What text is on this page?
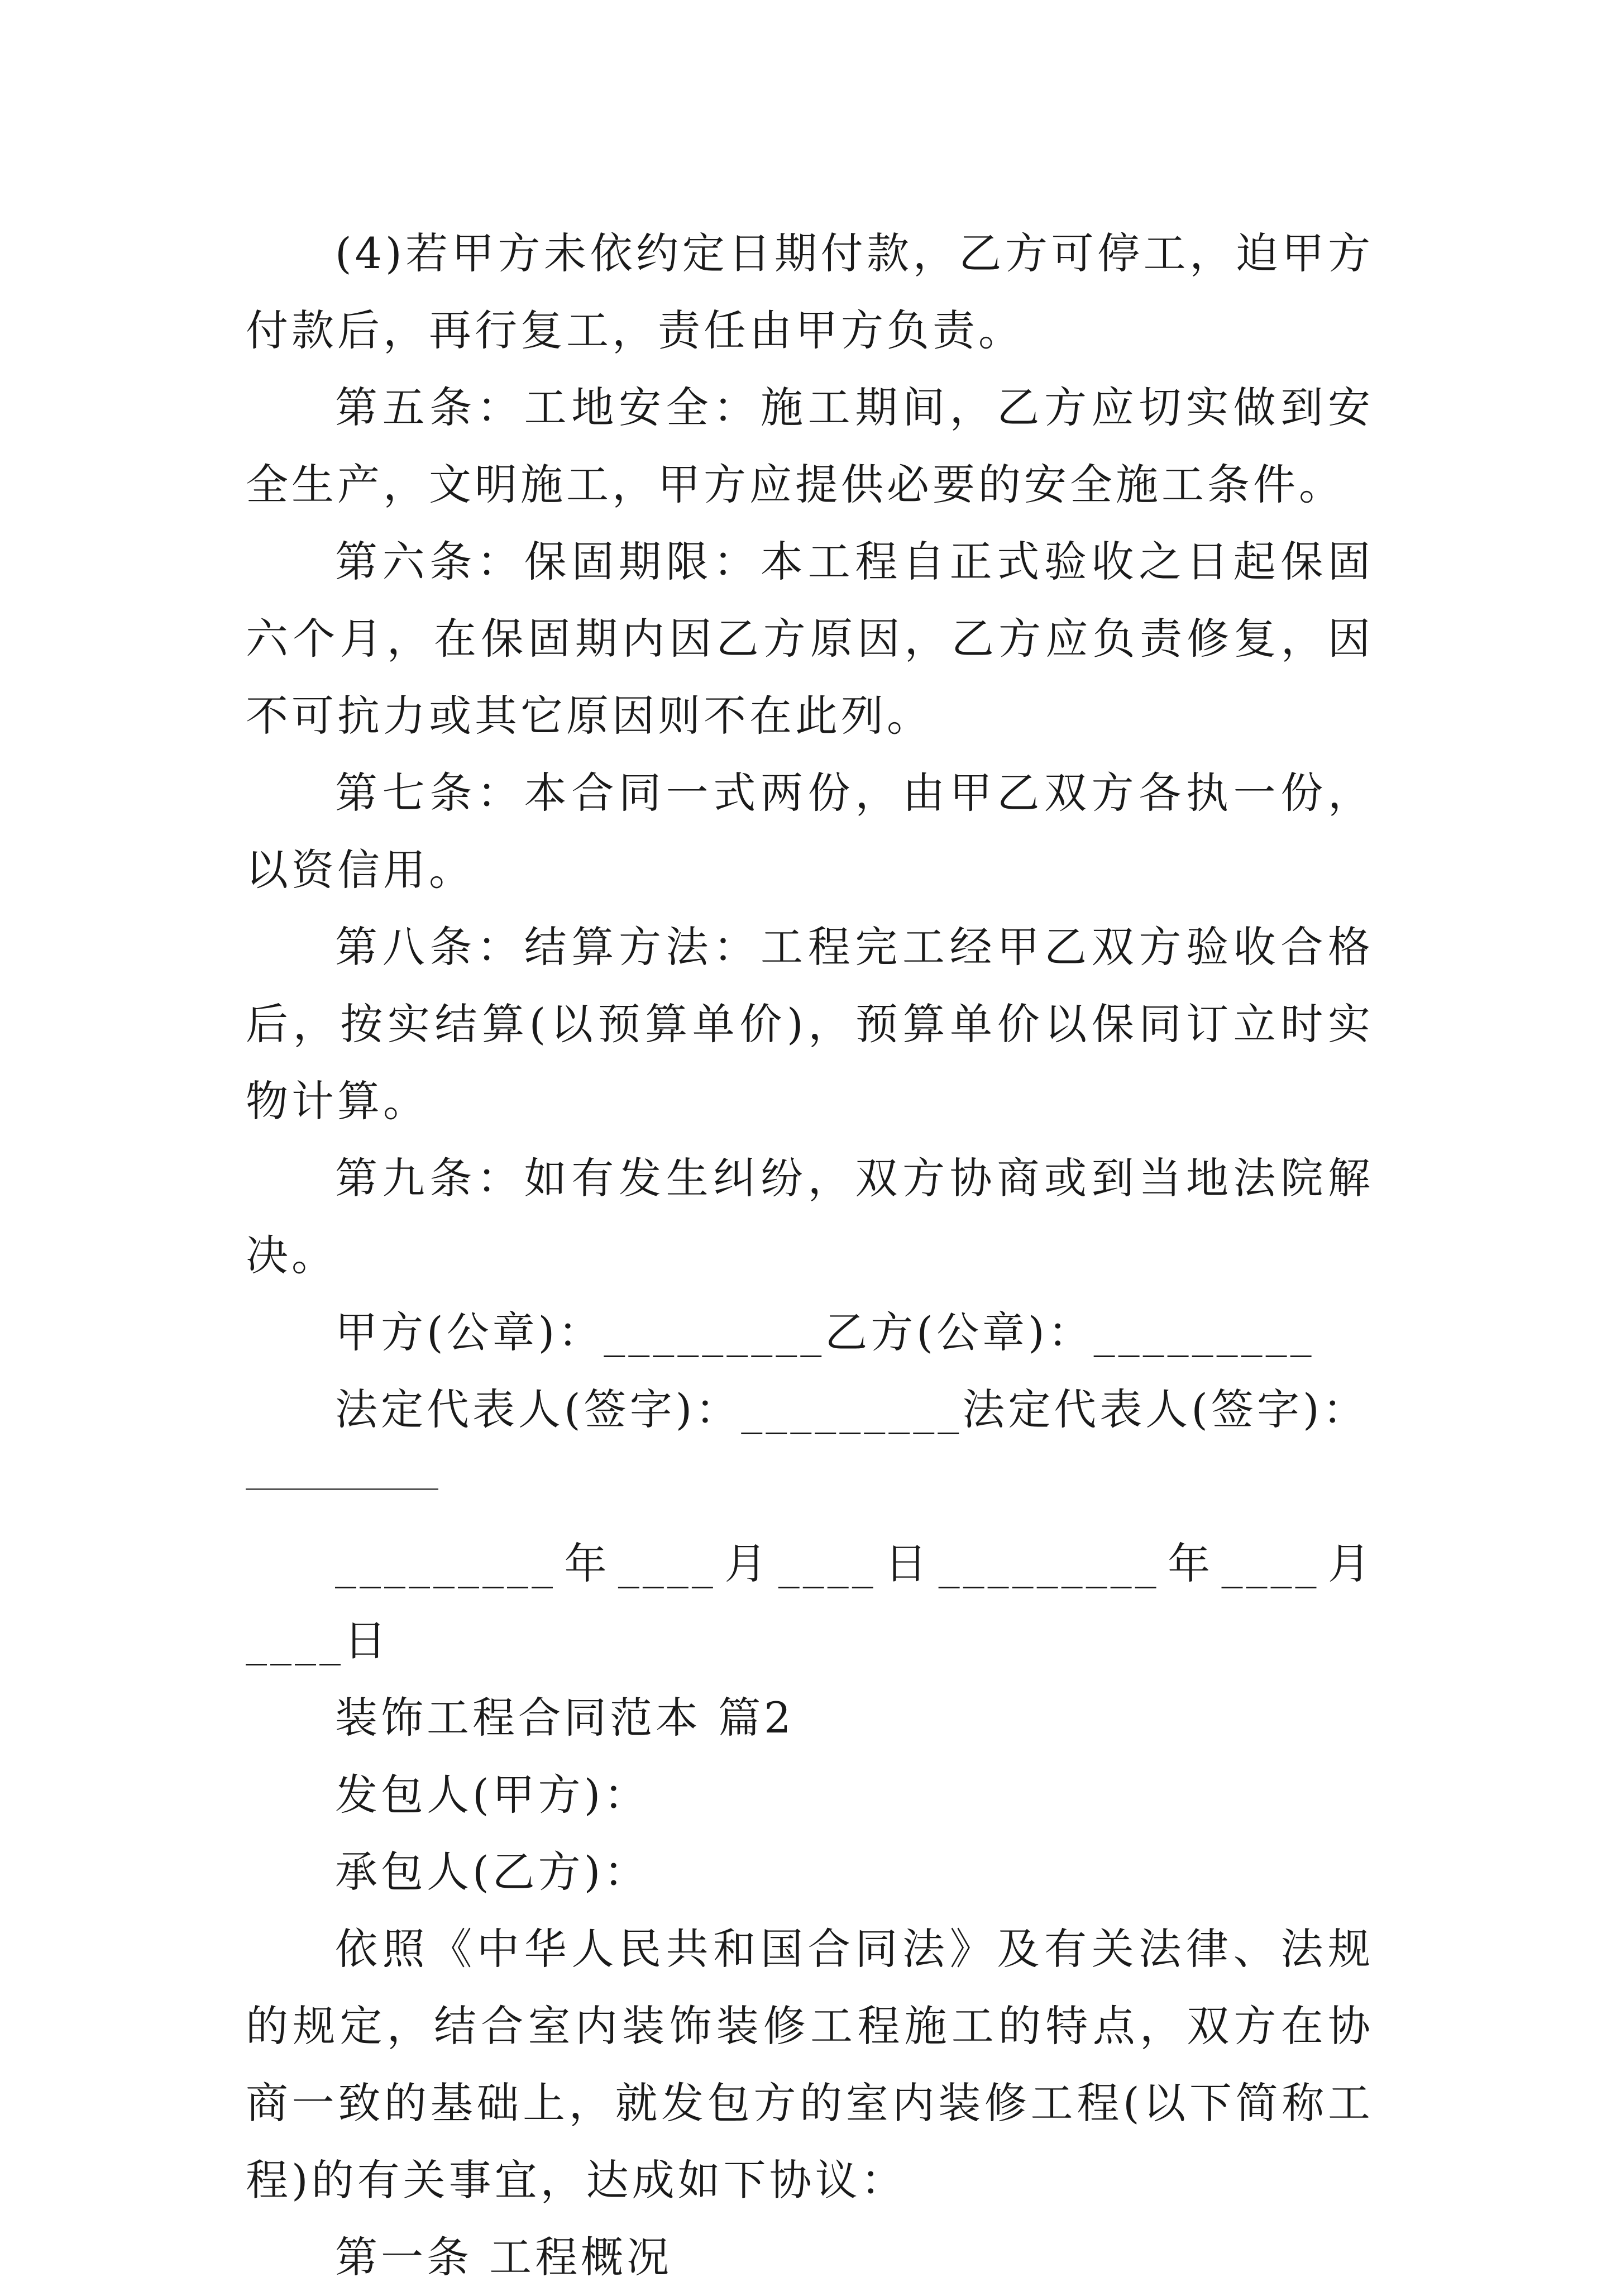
(4)若甲方未依约定日期付款，乙方可停工，迫甲方付款后，再行复工，责任由甲方负责。

第五条：工地安全：施工期间，乙方应切实做到安全生产，文明施工，甲方应提供必要的安全施工条件。

第六条：保固期限：本工程自正式验收之日起保固六个月，在保固期内因乙方原因，乙方应负责修复，因不可抗力或其它原因则不在此列。

第七条：本合同一式两份，由甲乙双方各执一份，以资信用。

第八条：结算方法：工程完工经甲乙双方验收合格后，按实结算(以预算单价)，预算单价以保同订立时实物计算。

第九条：如有发生纠纷，双方协商或到当地法院解决。

甲方(公章)：_________乙方(公章)：_________

法定代表人(签字)：_________法定代表人(签字)：

_________年____月____日_________年____月____日

装饰工程合同范本 篇2

发包人(甲方)：

承包人(乙方)：

依照《中华人民共和国合同法》及有关法律、法规的规定，结合室内装饰装修工程施工的特点，双方在协商一致的基础上，就发包方的室内装修工程(以下简称工程)的有关事宜，达成如下协议：

第一条 工程概况
